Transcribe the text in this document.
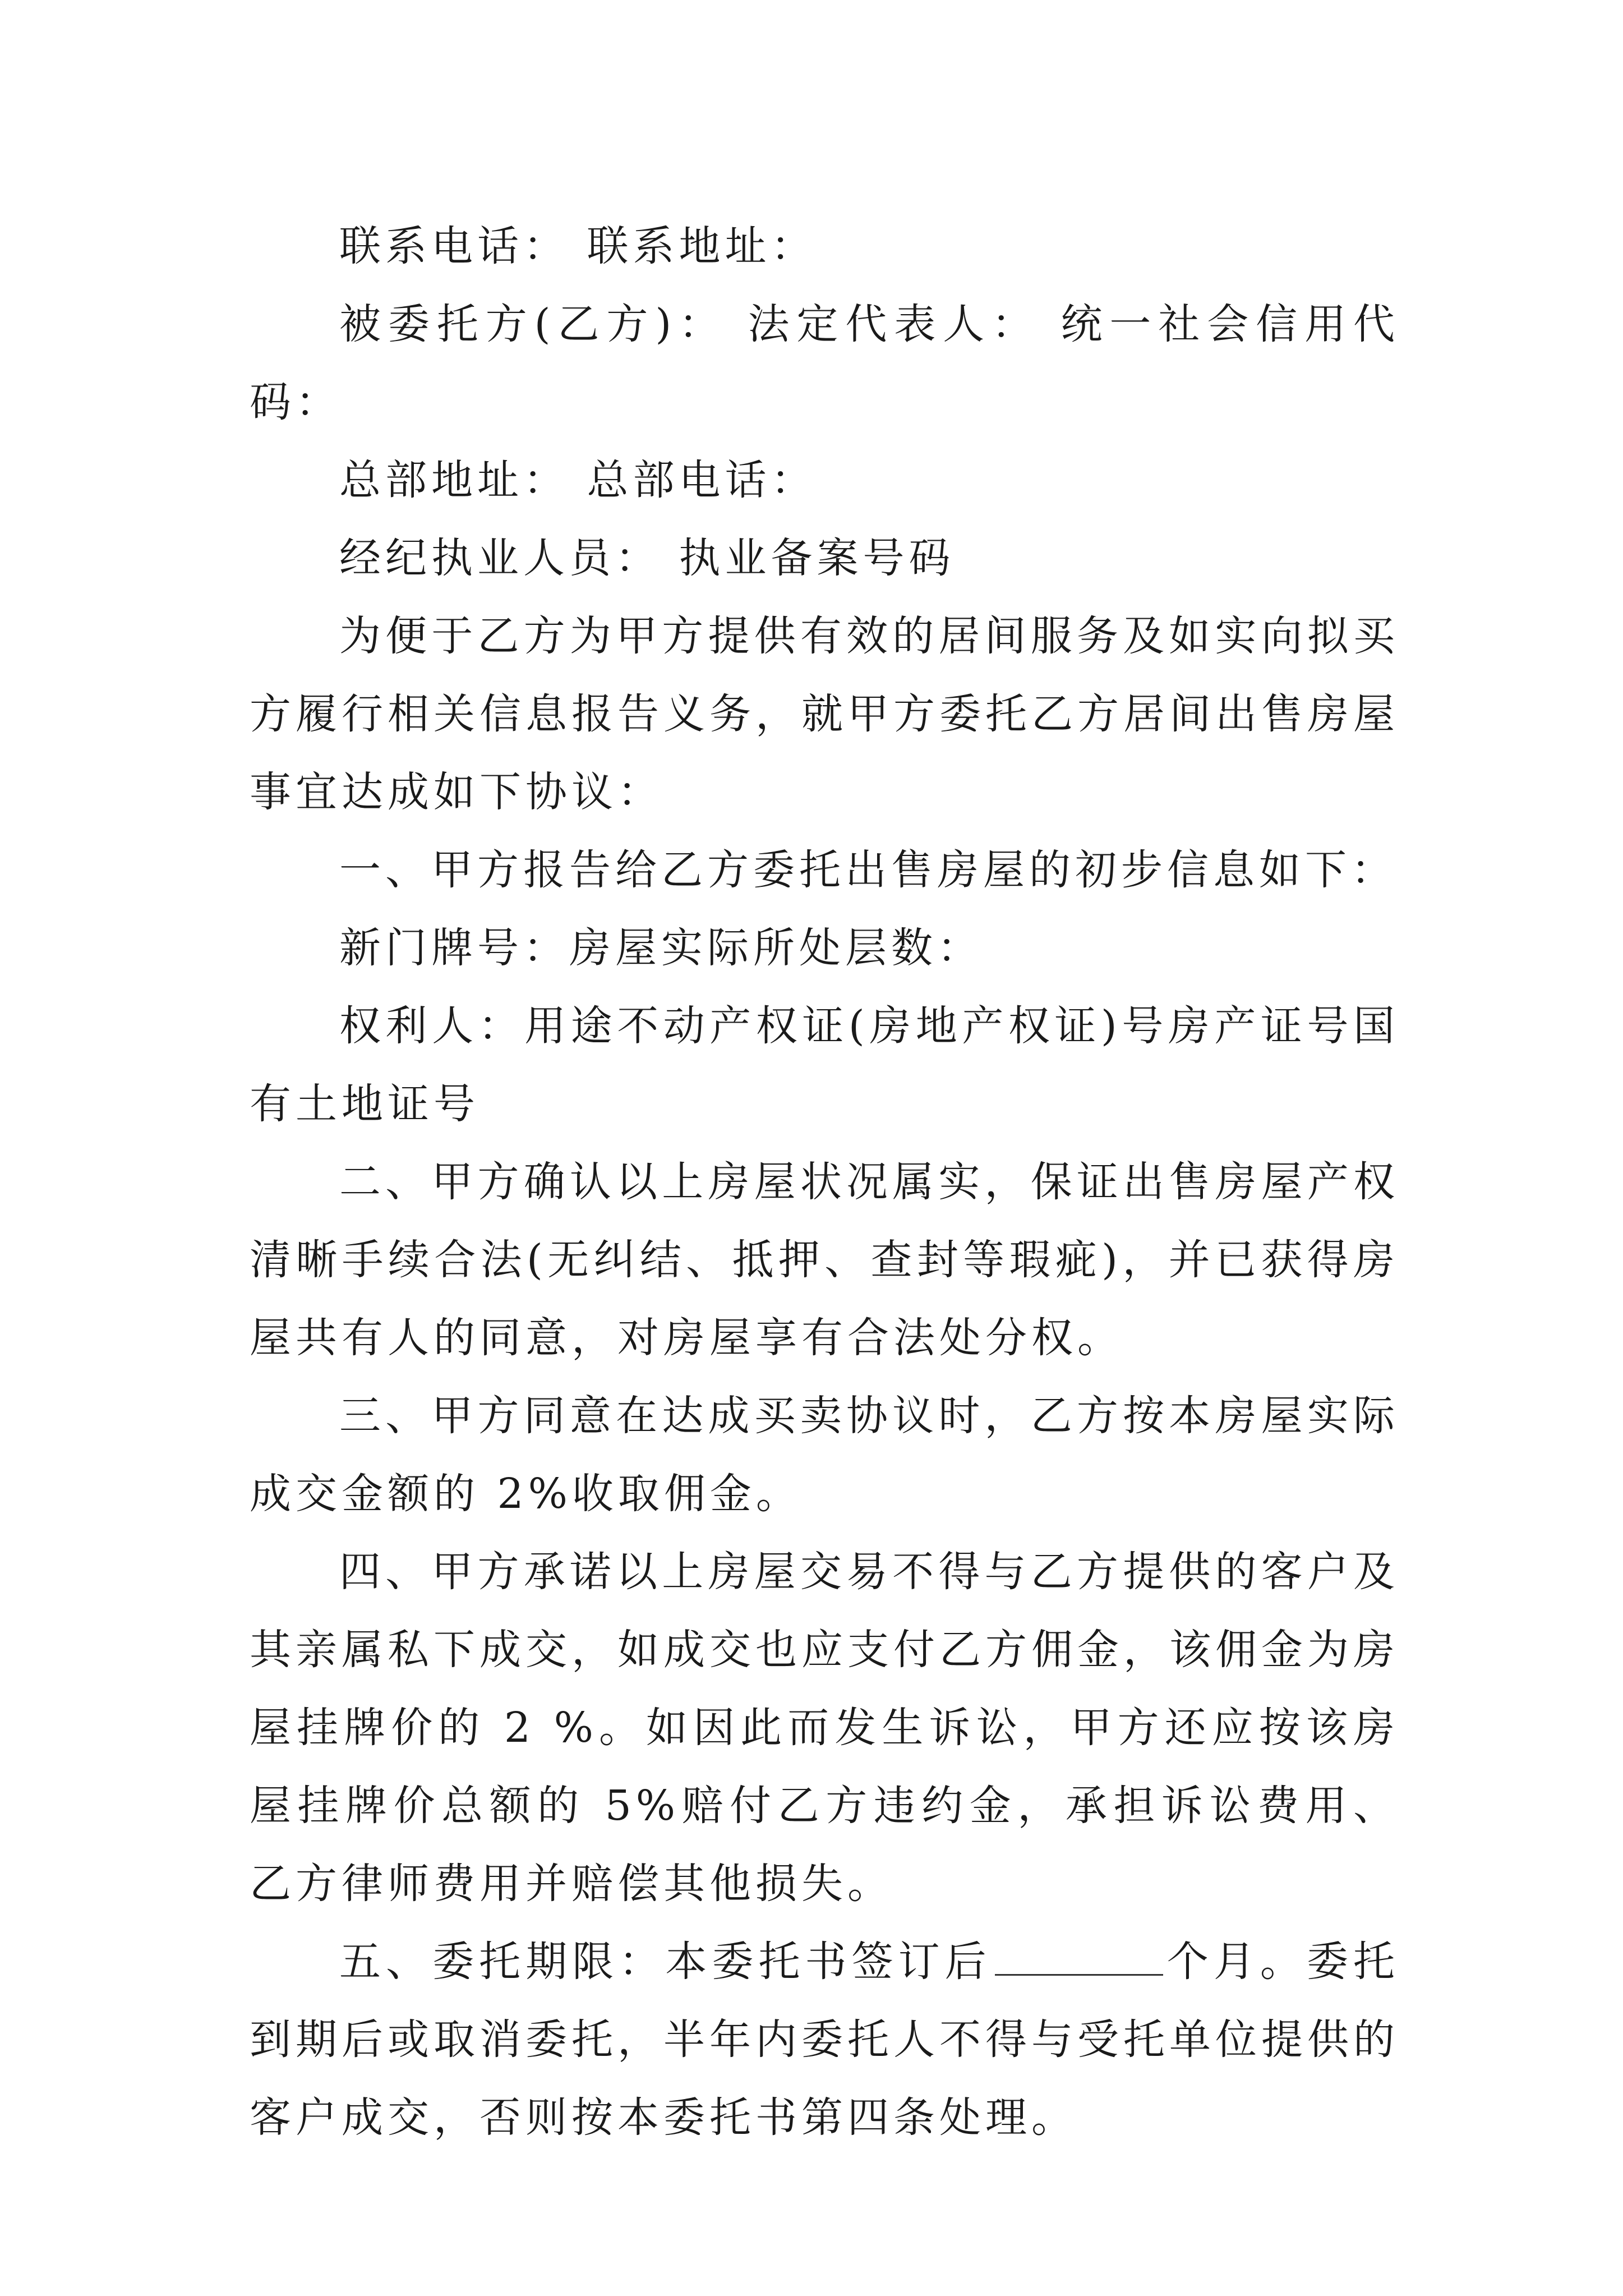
联系电话： 联系地址：

被委托方(乙方)： 法定代表人： 统一社会信用代码：

总部地址： 总部电话：

经纪执业人员： 执业备案号码

为便于乙方为甲方提供有效的居间服务及如实向拟买方履行相关信息报告义务，就甲方委托乙方居间出售房屋事宜达成如下协议：

一、甲方报告给乙方委托出售房屋的初步信息如下：

新门牌号：房屋实际所处层数：

权利人：用途不动产权证(房地产权证)号房产证号国有土地证号

二、甲方确认以上房屋状况属实，保证出售房屋产权清晰手续合法(无纠结、抵押、查封等瑕疵)，并已获得房屋共有人的同意，对房屋享有合法处分权。

三、甲方同意在达成买卖协议时，乙方按本房屋实际成交金额的 2%收取佣金。

四、甲方承诺以上房屋交易不得与乙方提供的客户及其亲属私下成交，如成交也应支付乙方佣金，该佣金为房屋挂牌价的 2 %。如因此而发生诉讼，甲方还应按该房屋挂牌价总额的 5%赔付乙方违约金，承担诉讼费用、乙方律师费用并赔偿其他损失。

五、委托期限：本委托书签订后	个月。委托到期后或取消委托，半年内委托人不得与受托单位提供的客户成交，否则按本委托书第四条处理。
